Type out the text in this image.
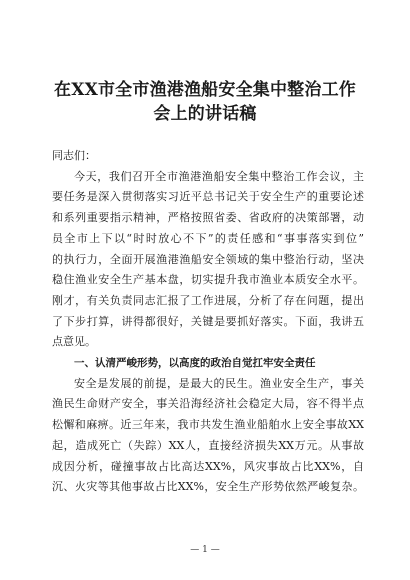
在XX市全市渔港渔船安全集中整治工作
会上的讲话稿
同志们：
今天，我们召开全市渔港渔船安全集中整治工作会议，主
要任务是深入贯彻落实习近平总书记关于安全生产的重要论述
和系列重要指示精神，严格按照省委、省政府的决策部署，动
员全市上下以“时时放心不下”的责任感和“事事落实到位”
的执行力，全面开展渔港渔船安全领域的集中整治行动，坚决
稳住渔业安全生产基本盘，切实提升我市渔业本质安全水平。
刚才，有关负责同志汇报了工作进展，分析了存在问题，提出
了下步打算，讲得都很好，关键是要抓好落实。下面，我讲五
点意见。
一、认清严峻形势，以高度的政治自觉扛牢安全责任
安全是发展的前提，是最大的民生。渔业安全生产，事关
渔民生命财产安全，事关沿海经济社会稳定大局，容不得半点
松懈和麻痹。近三年来，我市共发生渔业船舶水上安全事故XX
起，造成死亡（失踪）XX人，直接经济损失XX万元。从事故
成因分析，碰撞事故占比高达XX%，风灾事故占比XX%，自
沉、火灾等其他事故占比XX%，安全生产形势依然严峻复杂。
— 1 —
